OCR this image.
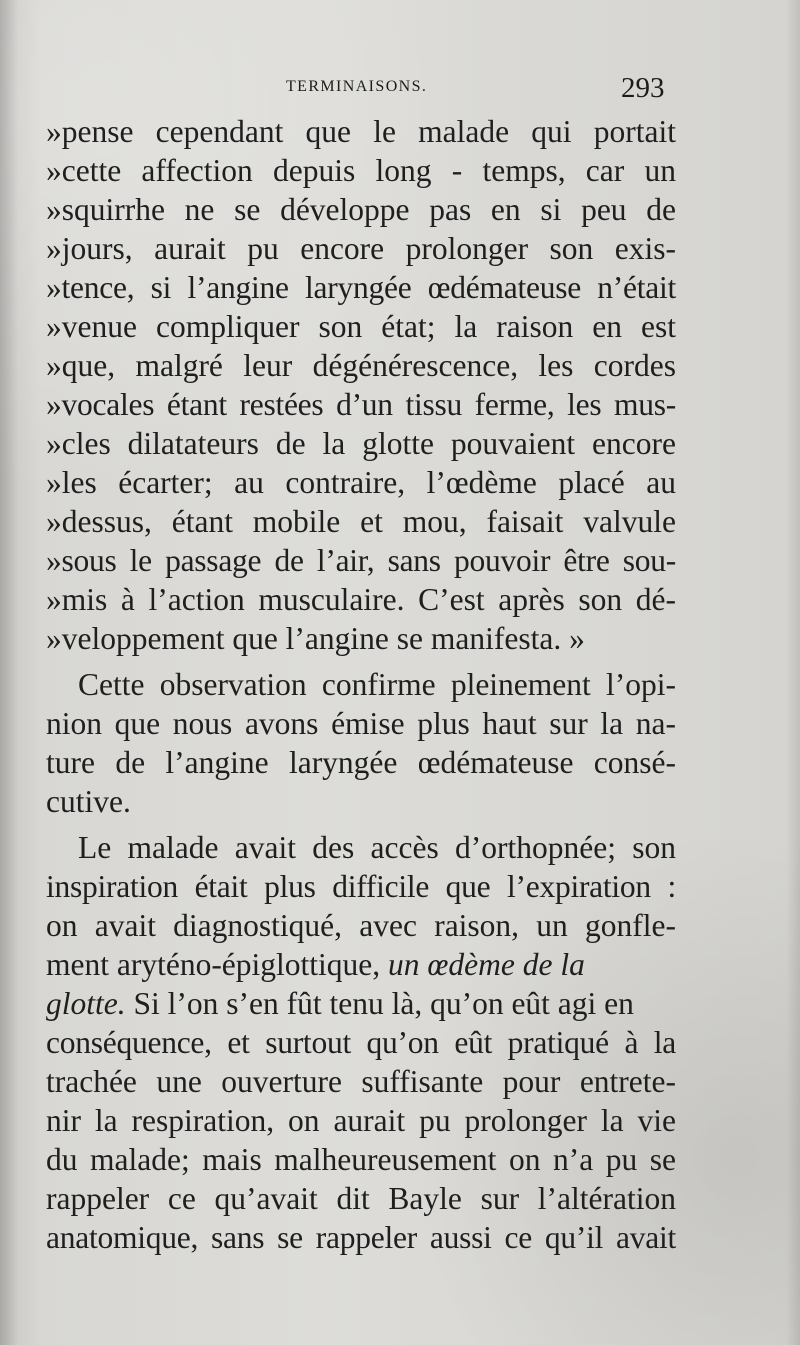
TERMINAISONS.	293
»pense cependant que le malade qui portait
»cette affection depuis long - temps, car un
»squirrhe ne se développe pas en si peu de
»jours, aurait pu encore prolonger son exis-
»tence, si l’angine laryngée œdémateuse n’était
»venue compliquer son état; la raison en est
»que, malgré leur dégénérescence, les cordes
»vocales étant restées d’un tissu ferme, les mus-
»cles dilatateurs de la glotte pouvaient encore
»les écarter; au contraire, l’œdème placé au
»dessus, étant mobile et mou, faisait valvule
»sous le passage de l’air, sans pouvoir être sou-
»mis à l’action musculaire. C’est après son dé-
»veloppement que l’angine se manifesta. »
Cette observation confirme pleinement l’opi-
nion que nous avons émise plus haut sur la na-
ture de l’angine laryngée œdémateuse consé-
cutive.
Le malade avait des accès d’orthopnée; son
inspiration était plus difficile que l’expiration :
on avait diagnostiqué, avec raison, un gonfle-
ment aryténo-épiglottique, un œdème de la
glotte. Si l’on s’en fût tenu là, qu’on eût agi en
conséquence, et surtout qu’on eût pratiqué à la
trachée une ouverture suffisante pour entrete-
nir la respiration, on aurait pu prolonger la vie
du malade; mais malheureusement on n’a pu se
rappeler ce qu’avait dit Bayle sur l’altération
anatomique, sans se rappeler aussi ce qu’il avait
